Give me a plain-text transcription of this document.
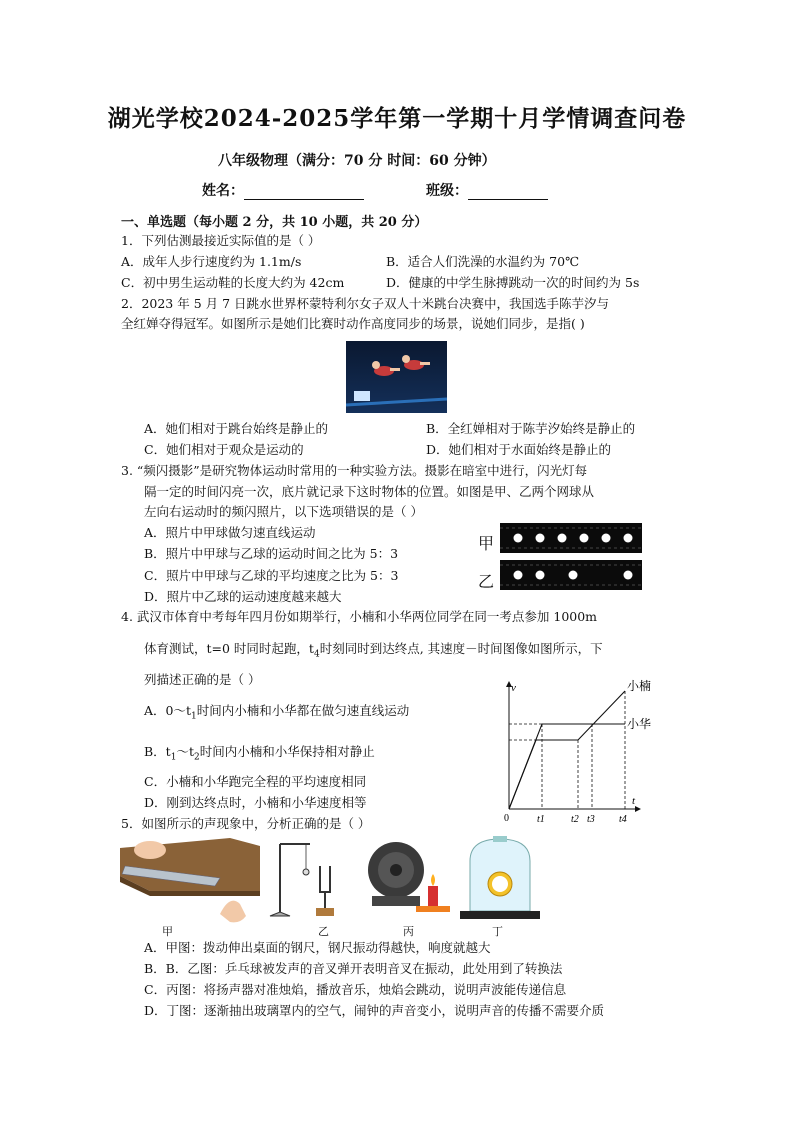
湖光学校2024-2025学年第一学期十月学情调查问卷
八年级物理（满分：70 分 时间：60 分钟）
姓名：	班级：
一、单选题（每小题 2 分，共 10 小题，共 20 分）
1．下列估测最接近实际值的是（ ）
A．成年人步行速度约为 1.1m/s	B．适合人们洗澡的水温约为 70℃
C．初中男生运动鞋的长度大约为 42cm	D．健康的中学生脉搏跳动一次的时间约为 5s
2．2023 年 5 月 7 日跳水世界杯蒙特利尔女子双人十米跳台决赛中，我国选手陈芋汐与
全红婵夺得冠军。如图所示是她们比赛时动作高度同步的场景，说她们同步，是指( )
A．她们相对于跳台始终是静止的	B．全红婵相对于陈芋汐始终是静止的
C．她们相对于观众是运动的	D．她们相对于水面始终是静止的
3. “频闪摄影”是研究物体运动时常用的一种实验方法。摄影在暗室中进行，闪光灯每
隔一定的时间闪亮一次，底片就记录下这时物体的位置。如图是甲、乙两个网球从
左向右运动时的频闪照片，以下选项错误的是（ ）
A．照片中甲球做匀速直线运动
B．照片中甲球与乙球的运动时间之比为 5：3
C．照片中甲球与乙球的平均速度之比为 5：3
D．照片中乙球的运动速度越来越大
甲
乙
4. 武汉市体育中考每年四月份如期举行，小楠和小华两位同学在同一考点参加 1000m
体育测试，t=0 时同时起跑，$t_4$时刻同时到达终点, 其速度－时间图像如图所示，下
列描述正确的是（ ）
A．$0\sim t_1$时间内小楠和小华都在做匀速直线运动
B．$t_1\sim t_2$时间内小楠和小华保持相对静止
C．小楠和小华跑完全程的平均速度相同
D．刚到达终点时，小楠和小华速度相等
v
t
0
小楠
小华
t1	t2 t3 t4
5．如图所示的声现象中，分析正确的是（ ）
甲	乙	丙	丁
A．甲图：拨动伸出桌面的钢尺，钢尺振动得越快，响度就越大
B．B．乙图：乒乓球被发声的音叉弹开表明音叉在振动，此处用到了转换法
C．丙图：将扬声器对准烛焰，播放音乐，烛焰会跳动，说明声波能传递信息
D．丁图：逐渐抽出玻璃罩内的空气，闹钟的声音变小，说明声音的传播不需要介质
